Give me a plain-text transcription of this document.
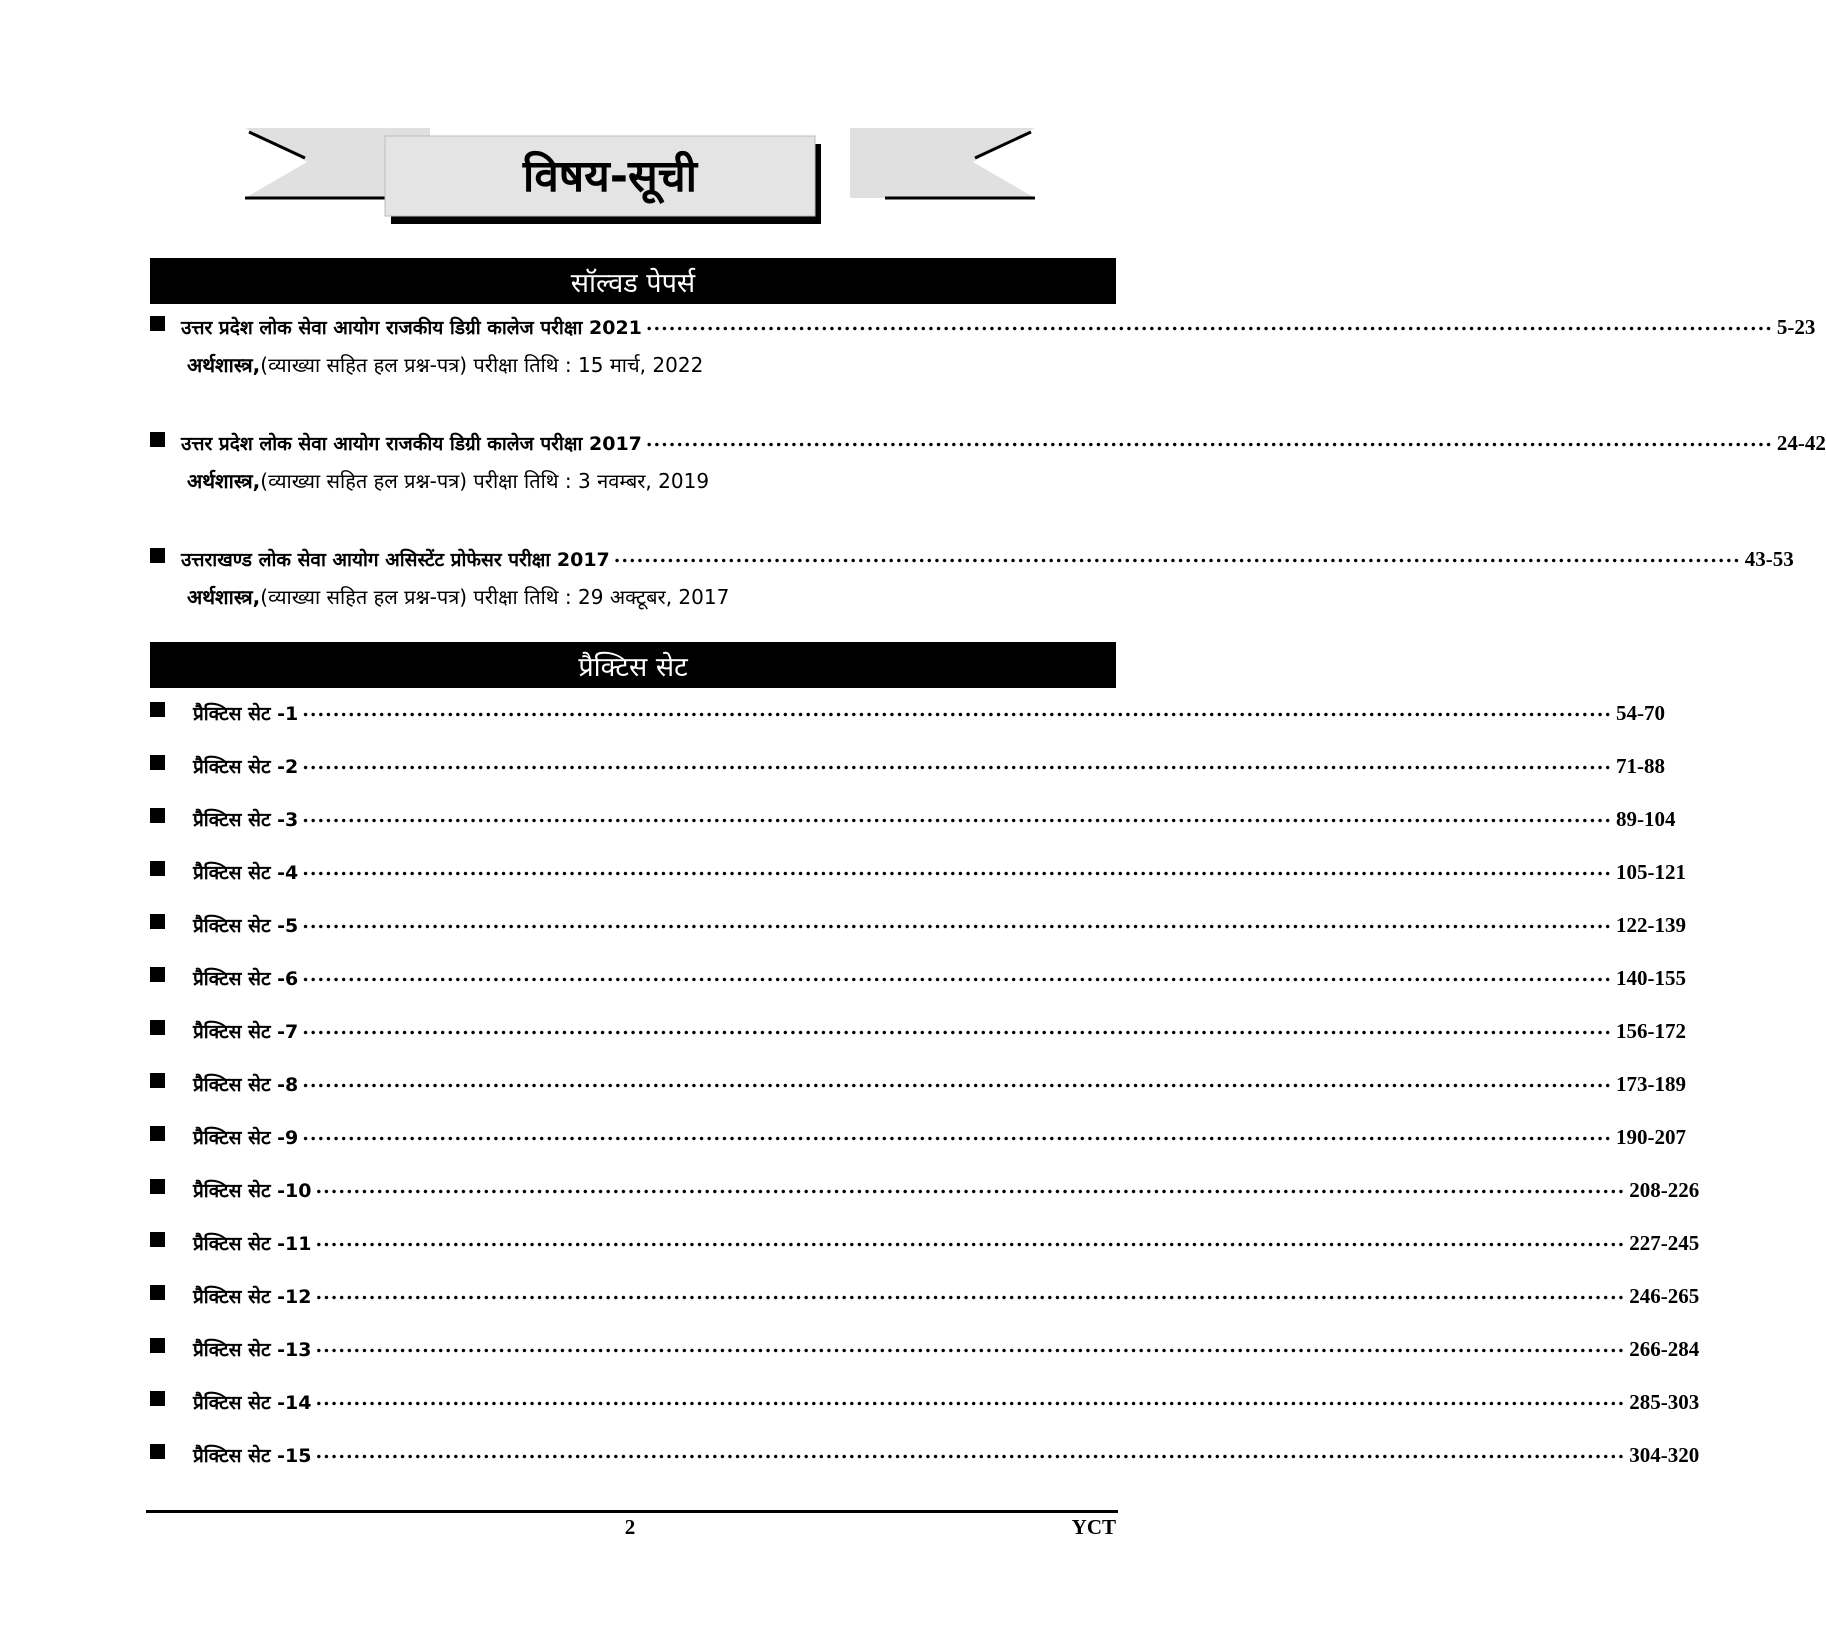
विषय-सूची
सॉल्वड पेपर्स
उत्तर प्रदेश लोक सेवा आयोग राजकीय डिग्री कालेज परीक्षा 2021 .................................................................................................................................................... 5-23
अर्थशास्त्र, (व्याख्या सहित हल प्रश्न-पत्र) परीक्षा तिथि : 15 मार्च, 2022
उत्तर प्रदेश लोक सेवा आयोग राजकीय डिग्री कालेज परीक्षा 2017 .................................................................................................................................................... 24-42
अर्थशास्त्र, (व्याख्या सहित हल प्रश्न-पत्र) परीक्षा तिथि : 3 नवम्बर, 2019
उत्तराखण्ड लोक सेवा आयोग असिस्टेंट प्रोफेसर परीक्षा 2017 .................................................................................................................................................... 43-53
अर्थशास्त्र, (व्याख्या सहित हल प्रश्न-पत्र) परीक्षा तिथि : 29 अक्टूबर, 2017
प्रैक्टिस सेट
प्रैक्टिस सेट -1 ............................................................................................................................................................................ 54-70
प्रैक्टिस सेट -2 ............................................................................................................................................................................ 71-88
प्रैक्टिस सेट -3 ............................................................................................................................................................................ 89-104
प्रैक्टिस सेट -4 ............................................................................................................................................................................ 105-121
प्रैक्टिस सेट -5 ............................................................................................................................................................................ 122-139
प्रैक्टिस सेट -6 ............................................................................................................................................................................ 140-155
प्रैक्टिस सेट -7 ............................................................................................................................................................................ 156-172
प्रैक्टिस सेट -8 ............................................................................................................................................................................ 173-189
प्रैक्टिस सेट -9 ............................................................................................................................................................................ 190-207
प्रैक्टिस सेट -10 ............................................................................................................................................................................ 208-226
प्रैक्टिस सेट -11 ............................................................................................................................................................................ 227-245
प्रैक्टिस सेट -12 ............................................................................................................................................................................ 246-265
प्रैक्टिस सेट -13 ............................................................................................................................................................................ 266-284
प्रैक्टिस सेट -14 ............................................................................................................................................................................ 285-303
प्रैक्टिस सेट -15 ............................................................................................................................................................................ 304-320
2	YCT
